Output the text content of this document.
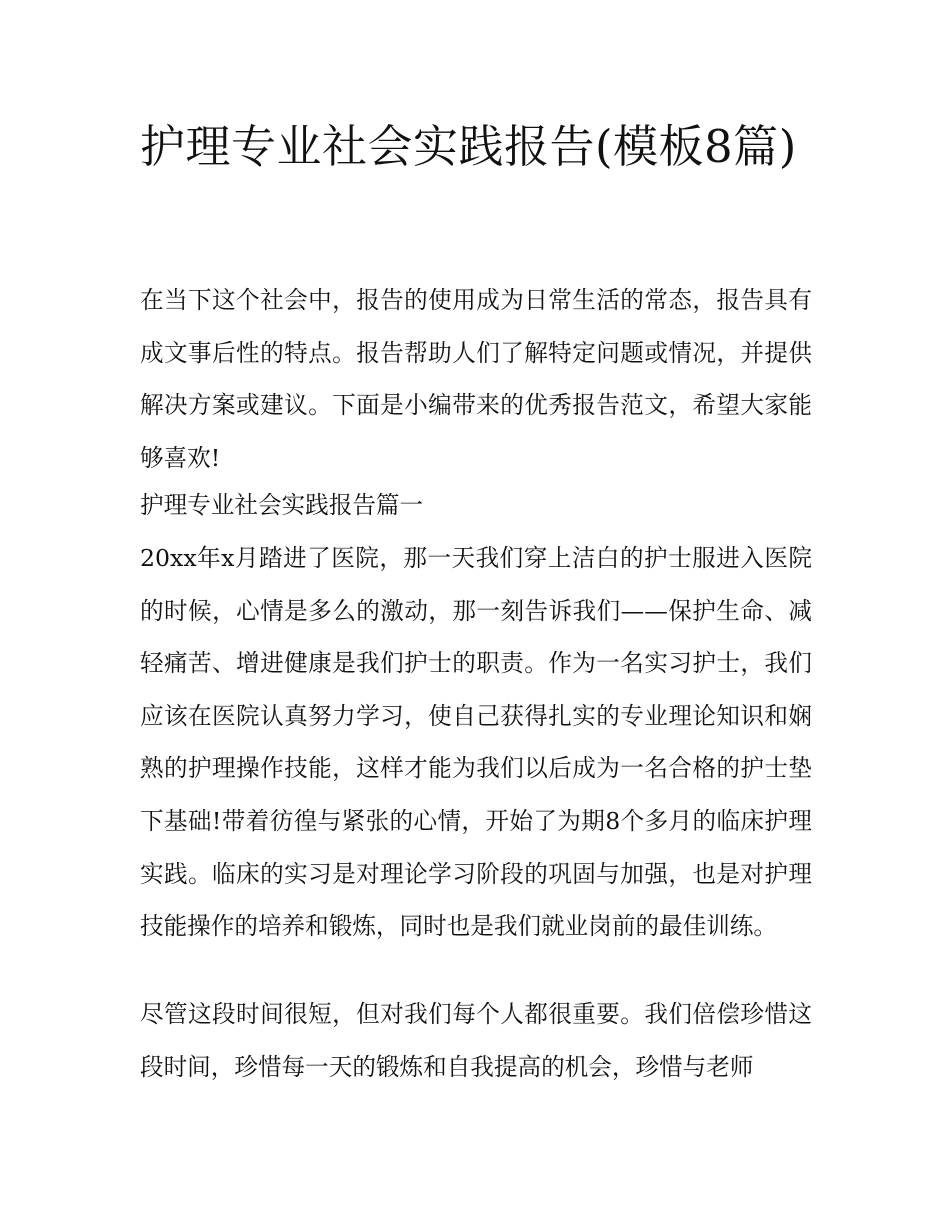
护理专业社会实践报告(模板8篇)

在当下这个社会中，报告的使用成为日常生活的常态，报告具有成文事后性的特点。报告帮助人们了解特定问题或情况，并提供解决方案或建议。下面是小编带来的优秀报告范文，希望大家能够喜欢!

护理专业社会实践报告篇一

20xx年x月踏进了医院，那一天我们穿上洁白的护士服进入医院的时候，心情是多么的激动，那一刻告诉我们——保护生命、减轻痛苦、增进健康是我们护士的职责。作为一名实习护士，我们应该在医院认真努力学习，使自己获得扎实的专业理论知识和娴熟的护理操作技能，这样才能为我们以后成为一名合格的护士垫下基础!带着彷徨与紧张的心情，开始了为期8个多月的临床护理实践。临床的实习是对理论学习阶段的巩固与加强，也是对护理技能操作的培养和锻炼，同时也是我们就业岗前的最佳训练。

尽管这段时间很短，但对我们每个人都很重要。我们倍偿珍惜这段时间，珍惜每一天的锻炼和自我提高的机会，珍惜与老师
